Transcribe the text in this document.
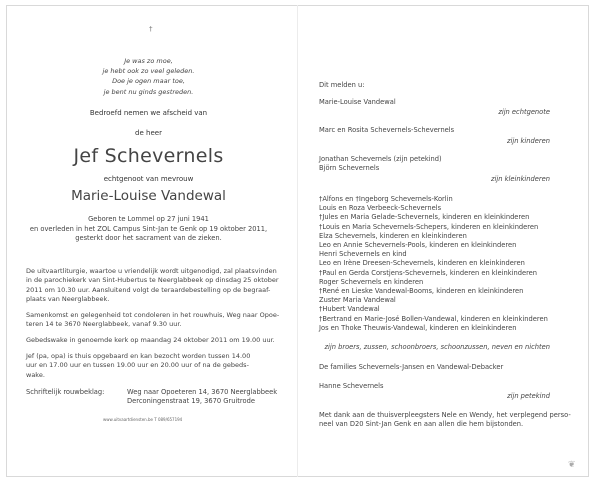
†
Je was zo moe,
je hebt ook zo veel geleden.
Doe je ogen maar toe,
je bent nu ginds gestreden.
Bedroefd nemen we afscheid van
de heer
Jef Schevernels
echtgenoot van mevrouw
Marie-Louise Vandewal
Geboren te Lommel op 27 juni 1941
en overleden in het ZOL Campus Sint-Jan te Genk op 19 oktober 2011,
gesterkt door het sacrament van de zieken.
De uitvaartliturgie, waartoe u vriendelijk wordt uitgenodigd, zal plaatsvinden
in de parochiekerk van Sint-Hubertus te Neerglabbeek op dinsdag 25 oktober
2011 om 10.30 uur. Aansluitend volgt de teraardebestelling op de begraaf-
plaats van Neerglabbeek.
Samenkomst en gelegenheid tot condoleren in het rouwhuis, Weg naar Opoe-
teren 14 te 3670 Neerglabbeek, vanaf 9.30 uur.
Gebedswake in genoemde kerk op maandag 24 oktober 2011 om 19.00 uur.
Jef (pa, opa) is thuis opgebaard en kan bezocht worden tussen 14.00
uur en 17.00 uur en tussen 19.00 uur en 20.00 uur of na de gebeds-
wake.
Schriftelijk rouwbeklag:	Weg naar Opoeteren 14, 3670 Neerglabbeek
Derconingenstraat 19, 3670 Gruitrode
www.uitvaartdiensten.be T 089/657194
Dit melden u:
Marie-Louise Vandewal
zijn echtgenote
Marc en Rosita Schevernels-Schevernels
zijn kinderen
Jonathan Schevernels (zijn petekind)
Björn Schevernels
zijn kleinkinderen
†Alfons en †Ingeborg Schevernels-Korlin
Louis en Roza Verbeeck-Schevernels
†Jules en Maria Gelade-Schevernels, kinderen en kleinkinderen
†Louis en Maria Schevernels-Schepers, kinderen en kleinkinderen
Elza Schevernels, kinderen en kleinkinderen
Leo en Annie Schevernels-Pools, kinderen en kleinkinderen
Henri Schevernels en kind
Leo en Irène Dreesen-Schevernels, kinderen en kleinkinderen
†Paul en Gerda Corstjens-Schevernels, kinderen en kleinkinderen
Roger Schevernels en kinderen
†René en Lieske Vandewal-Booms, kinderen en kleinkinderen
Zuster Maria Vandewal
†Hubert Vandewal
†Bertrand en Marie-José Bollen-Vandewal, kinderen en kleinkinderen
Jos en Thoke Theuwis-Vandewal, kinderen en kleinkinderen
zijn broers, zussen, schoonbroers, schoonzussen, neven en nichten
De families Schevernels-Jansen en Vandewal-Debacker
Hanne Schevernels
zijn petekind
Met dank aan de thuisverpleegsters Nele en Wendy, het verplegend perso-
neel van D20 Sint-Jan Genk en aan allen die hem bijstonden.
❦
